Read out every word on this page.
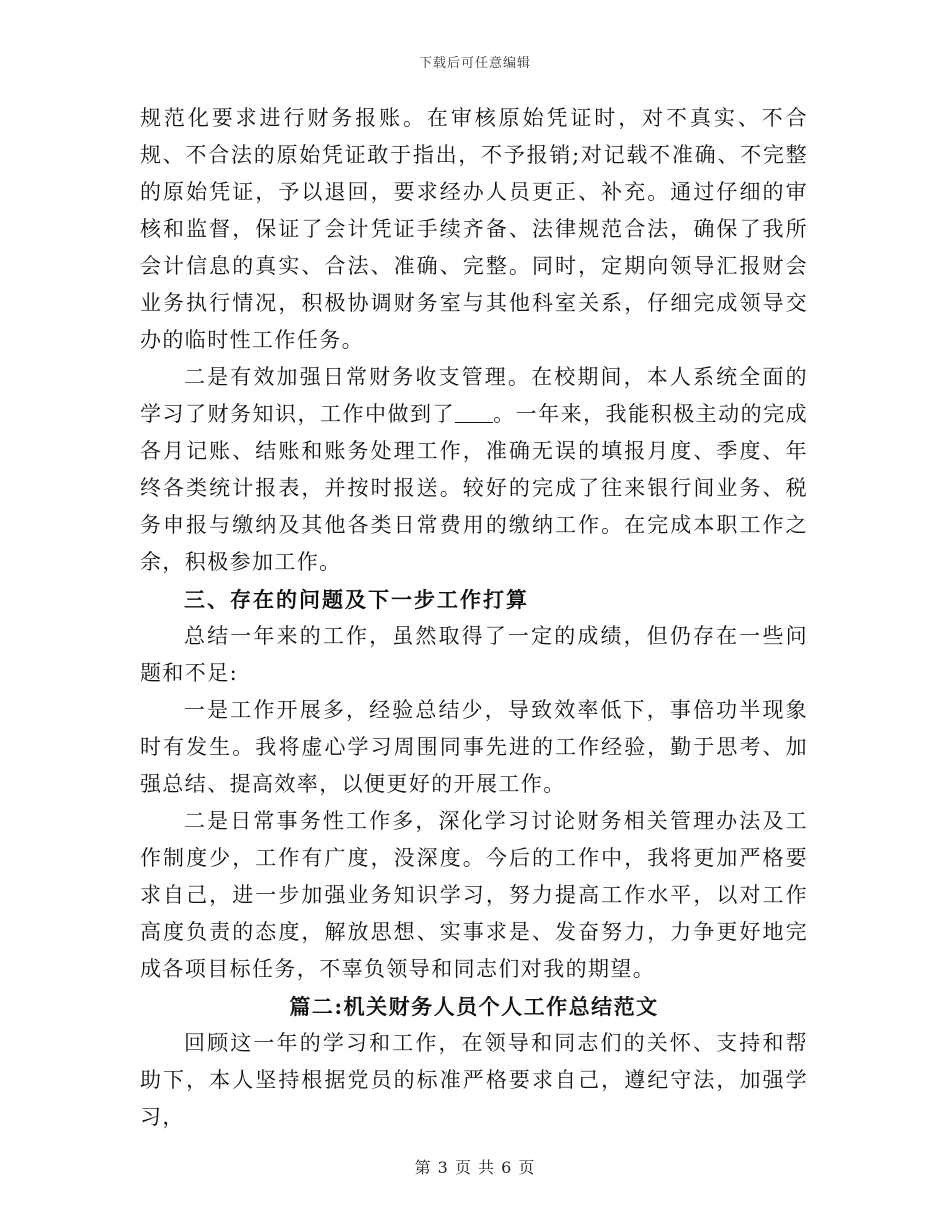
下载后可任意编辑

规范化要求进行财务报账。在审核原始凭证时，对不真实、不合规、不合法的原始凭证敢于指出，不予报销;对记载不准确、不完整的原始凭证，予以退回，要求经办人员更正、补充。通过仔细的审核和监督，保证了会计凭证手续齐备、法律规范合法，确保了我所会计信息的真实、合法、准确、完整。同时，定期向领导汇报财会业务执行情况，积极协调财务室与其他科室关系，仔细完成领导交办的临时性工作任务。

二是有效加强日常财务收支管理。在校期间，本人系统全面的学习了财务知识，工作中做到了 。一年来，我能积极主动的完成各月记账、结账和账务处理工作，准确无误的填报月度、季度、年终各类统计报表，并按时报送。较好的完成了往来银行间业务、税务申报与缴纳及其他各类日常费用的缴纳工作。在完成本职工作之余，积极参加工作。

三、存在的问题及下一步工作打算

总结一年来的工作，虽然取得了一定的成绩，但仍存在一些问题和不足:

一是工作开展多，经验总结少，导致效率低下，事倍功半现象时有发生。我将虚心学习周围同事先进的工作经验，勤于思考、加强总结、提高效率，以便更好的开展工作。

二是日常事务性工作多，深化学习讨论财务相关管理办法及工作制度少，工作有广度，没深度。今后的工作中，我将更加严格要求自己，进一步加强业务知识学习，努力提高工作水平，以对工作高度负责的态度，解放思想、实事求是、发奋努力，力争更好地完成各项目标任务，不辜负领导和同志们对我的期望。

篇二:机关财务人员个人工作总结范文

回顾这一年的学习和工作，在领导和同志们的关怀、支持和帮助下，本人坚持根据党员的标准严格要求自己，遵纪守法，加强学习，

第 3 页 共 6 页
